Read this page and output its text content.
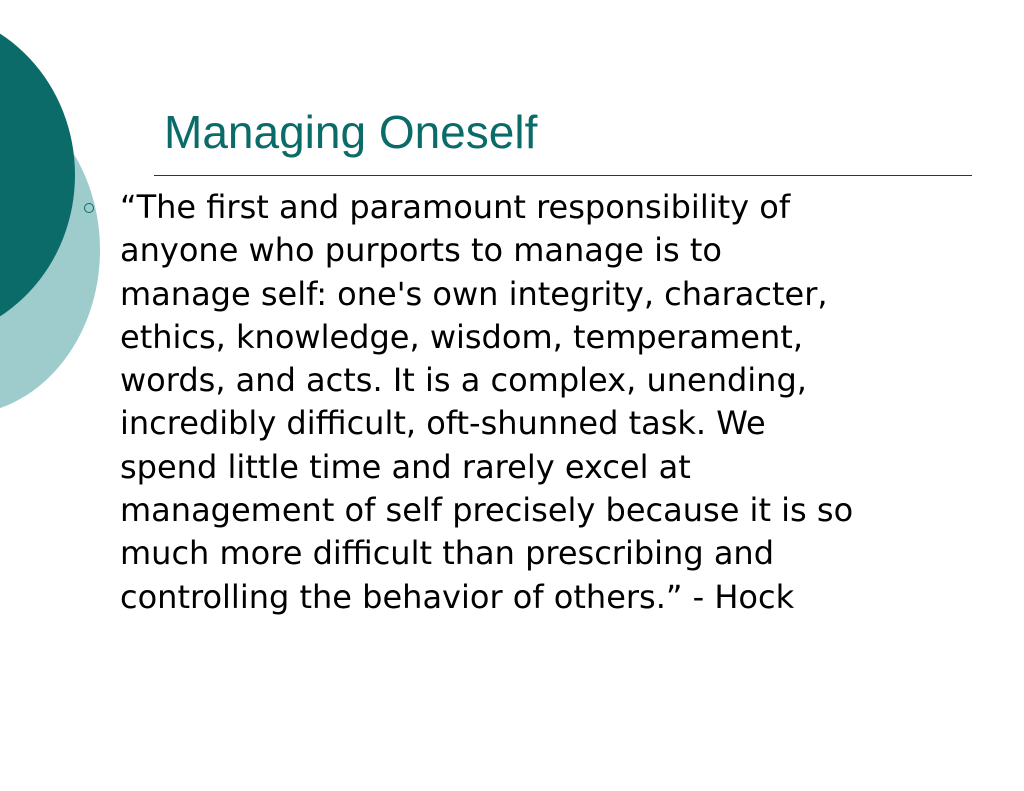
Managing Oneself

“The first and paramount responsibility of
anyone who purports to manage is to
manage self: one's own integrity, character,
ethics, knowledge, wisdom, temperament,
words, and acts. It is a complex, unending,
incredibly difficult, oft-shunned task. We
spend little time and rarely excel at
management of self precisely because it is so
much more difficult than prescribing and
controlling the behavior of others.” - Hock
